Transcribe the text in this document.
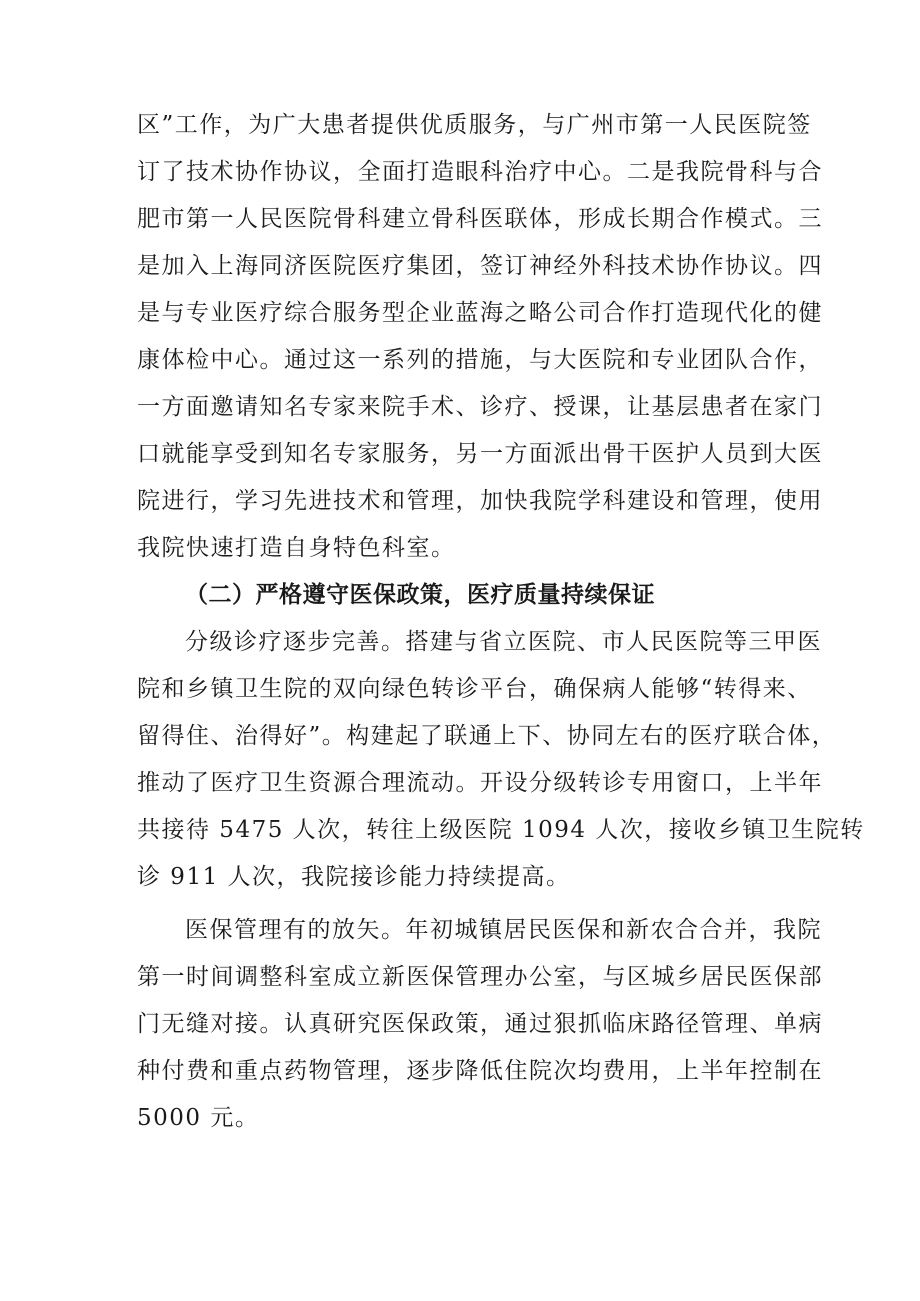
区”工作，为广大患者提供优质服务，与广州市第一人民医院签
订了技术协作协议，全面打造眼科治疗中心。二是我院骨科与合
肥市第一人民医院骨科建立骨科医联体，形成长期合作模式。三
是加入上海同济医院医疗集团，签订神经外科技术协作协议。四
是与专业医疗综合服务型企业蓝海之略公司合作打造现代化的健
康体检中心。通过这一系列的措施，与大医院和专业团队合作，
一方面邀请知名专家来院手术、诊疗、授课，让基层患者在家门
口就能享受到知名专家服务，另一方面派出骨干医护人员到大医
院进行，学习先进技术和管理，加快我院学科建设和管理，使用
我院快速打造自身特色科室。
（二）严格遵守医保政策，医疗质量持续保证
分级诊疗逐步完善。搭建与省立医院、市人民医院等三甲医
院和乡镇卫生院的双向绿色转诊平台，确保病人能够“转得来、
留得住、治得好”。构建起了联通上下、协同左右的医疗联合体，
推动了医疗卫生资源合理流动。开设分级转诊专用窗口，上半年
共接待 5475 人次，转往上级医院 1094 人次，接收乡镇卫生院转
诊 911 人次，我院接诊能力持续提高。
医保管理有的放矢。年初城镇居民医保和新农合合并，我院
第一时间调整科室成立新医保管理办公室，与区城乡居民医保部
门无缝对接。认真研究医保政策，通过狠抓临床路径管理、单病
种付费和重点药物管理，逐步降低住院次均费用，上半年控制在
5000 元。
